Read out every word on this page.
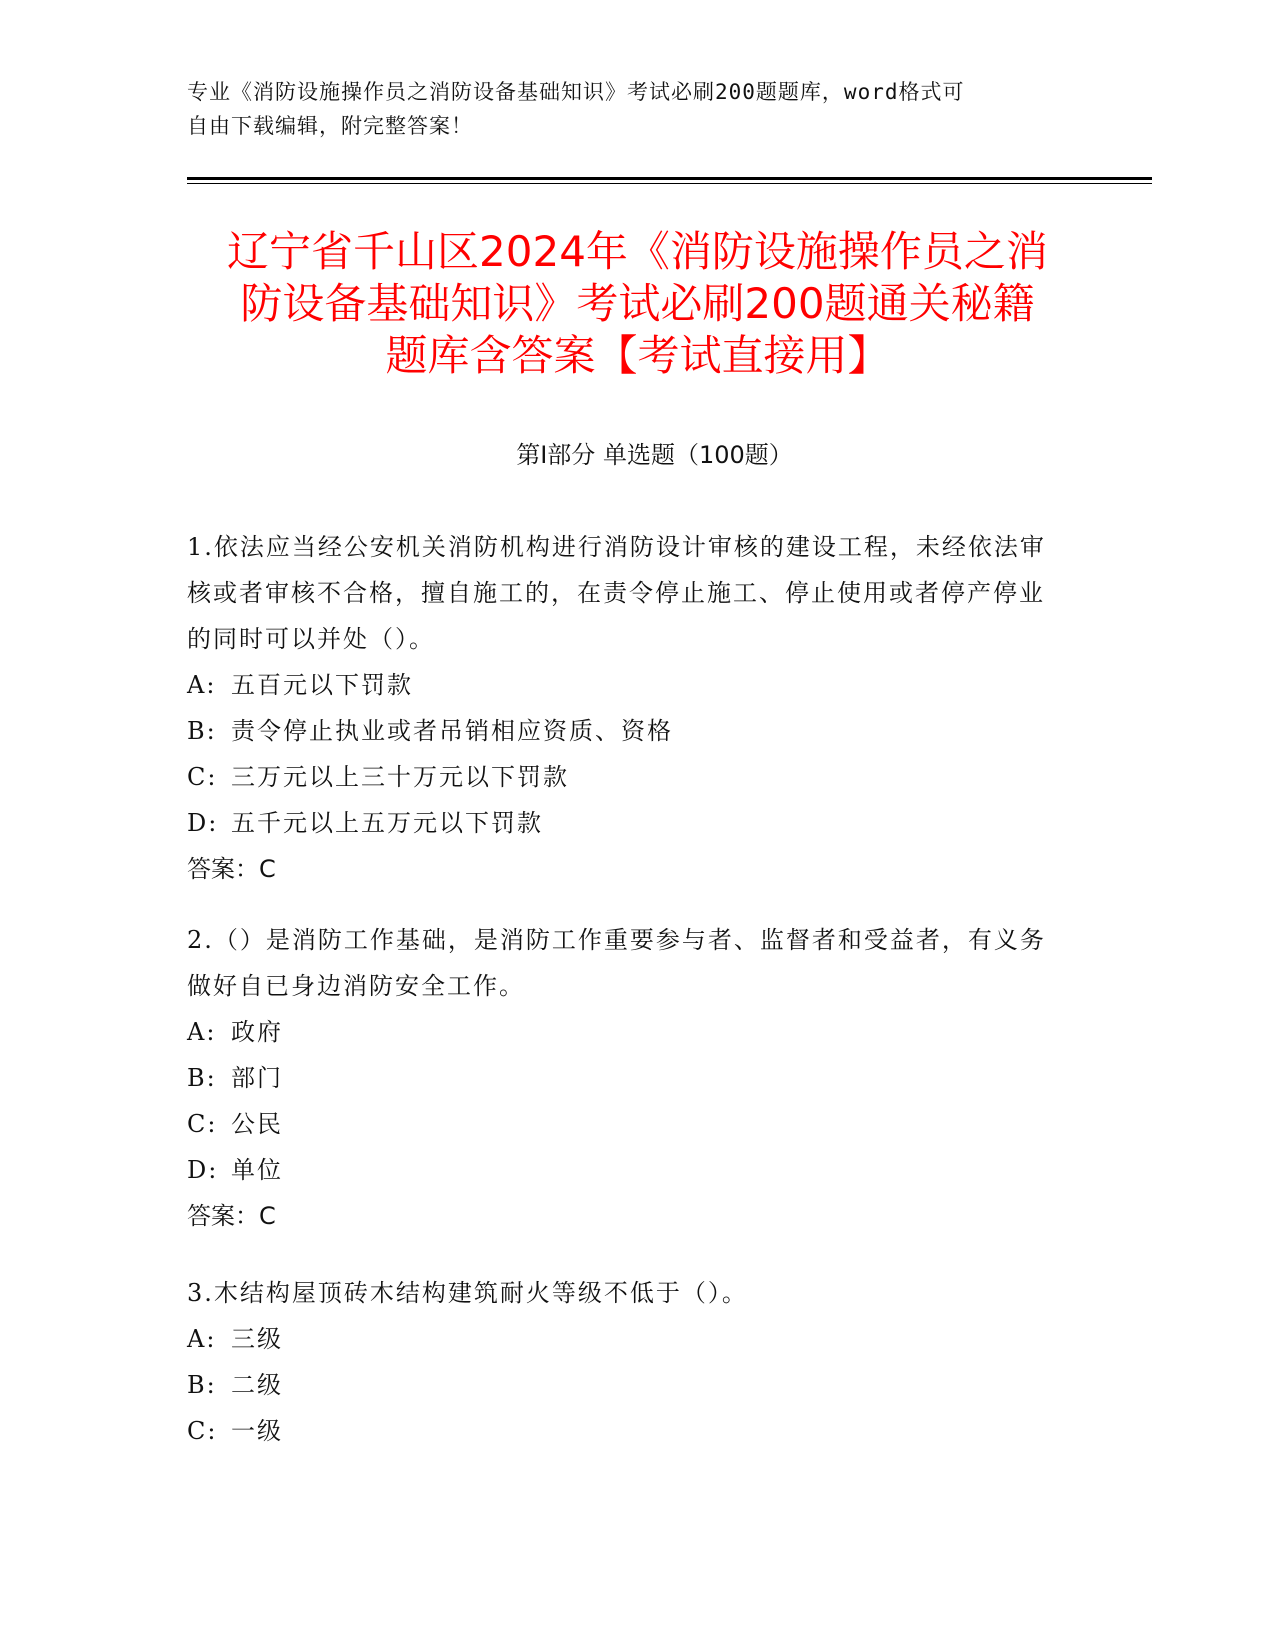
专业《消防设施操作员之消防设备基础知识》考试必刷200题题库，word格式可
自由下载编辑，附完整答案！
辽宁省千山区2024年《消防设施操作员之消
防设备基础知识》考试必刷200题通关秘籍
题库含答案【考试直接用】
第Ⅰ部分 单选题（100题）
1.依法应当经公安机关消防机构进行消防设计审核的建设工程，未经依法审核或者审核不合格，擅自施工的，在责令停止施工、停止使用或者停产停业的同时可以并处（）。
A: 五百元以下罚款
B: 责令停止执业或者吊销相应资质、资格
C: 三万元以上三十万元以下罚款
D: 五千元以上五万元以下罚款
答案：C
2.（）是消防工作基础，是消防工作重要参与者、监督者和受益者，有义务做好自已身边消防安全工作。
A: 政府
B: 部门
C: 公民
D: 单位
答案：C
3.木结构屋顶砖木结构建筑耐火等级不低于（）。
A: 三级
B: 二级
C: 一级
